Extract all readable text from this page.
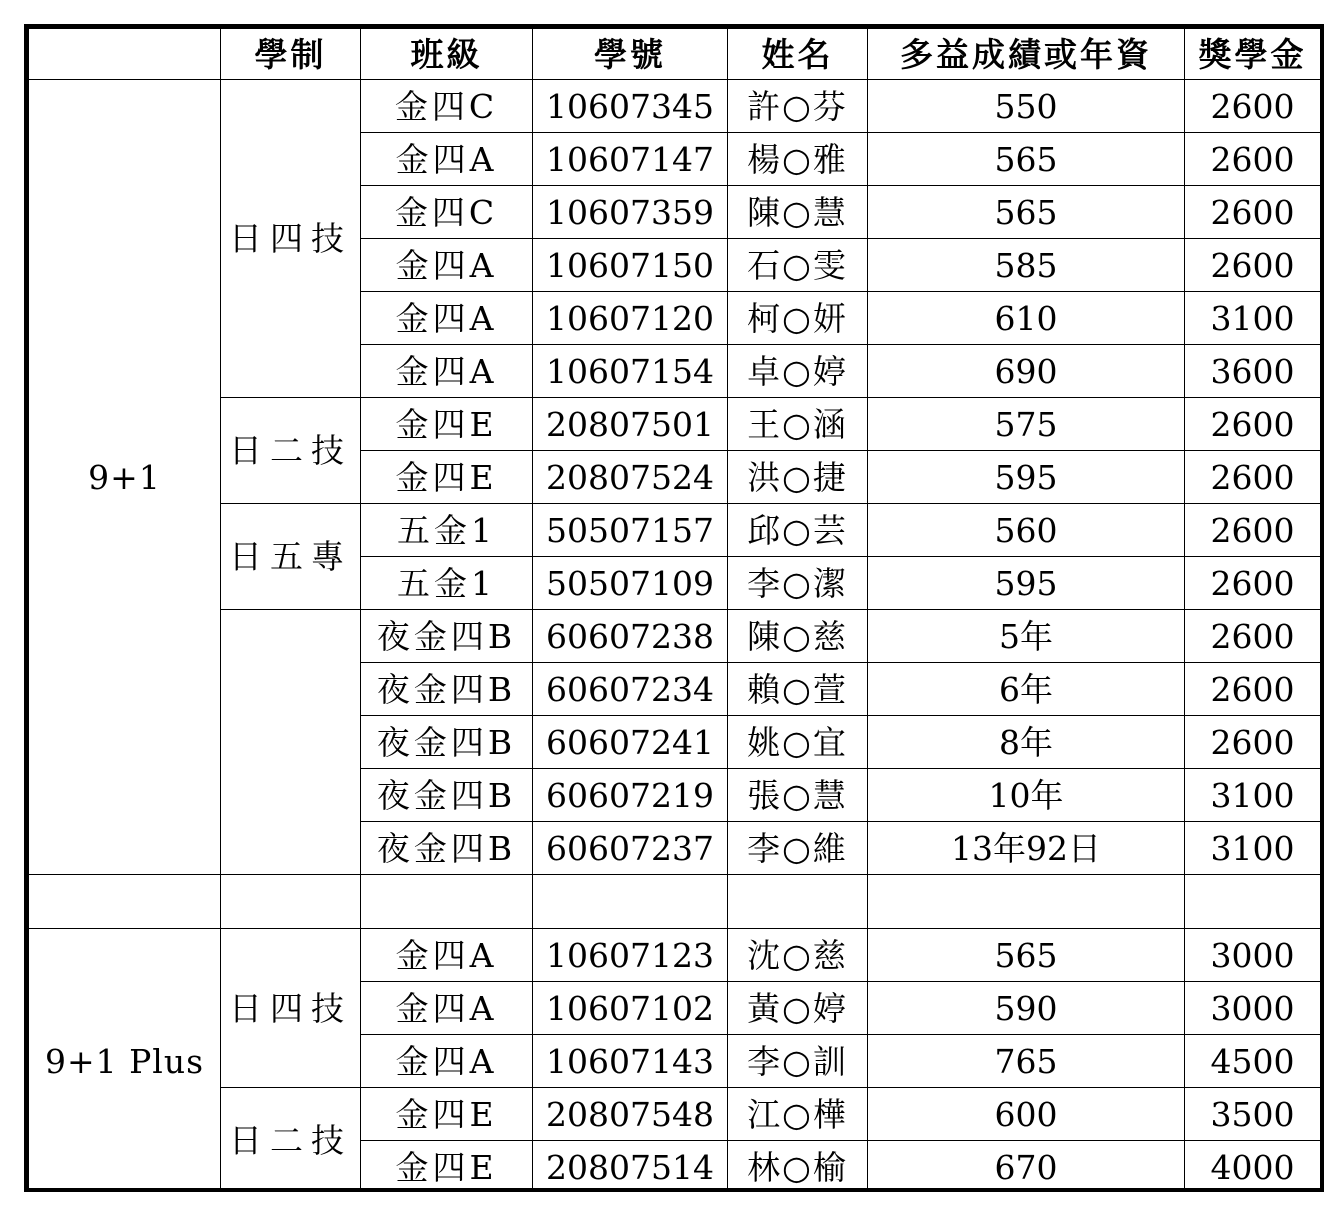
	學制	班級	學號	姓名	多益成績或年資	獎學金
9+1	日四技	金四C	10607345	許○芬	550	2600
		金四A	10607147	楊○雅	565	2600
		金四C	10607359	陳○慧	565	2600
		金四A	10607150	石○雯	585	2600
		金四A	10607120	柯○妍	610	3100
		金四A	10607154	卓○婷	690	3600
	日二技	金四E	20807501	王○涵	575	2600
		金四E	20807524	洪○捷	595	2600
	日五專	五金1	50507157	邱○芸	560	2600
		五金1	50507109	李○潔	595	2600
		夜金四B	60607238	陳○慈	5年	2600
		夜金四B	60607234	賴○萱	6年	2600
		夜金四B	60607241	姚○宜	8年	2600
		夜金四B	60607219	張○慧	10年	3100
		夜金四B	60607237	李○維	13年92日	3100

9+1 Plus	日四技	金四A	10607123	沈○慈	565	3000
		金四A	10607102	黃○婷	590	3000
		金四A	10607143	李○訓	765	4500
	日二技	金四E	20807548	江○樺	600	3500
		金四E	20807514	林○榆	670	4000
